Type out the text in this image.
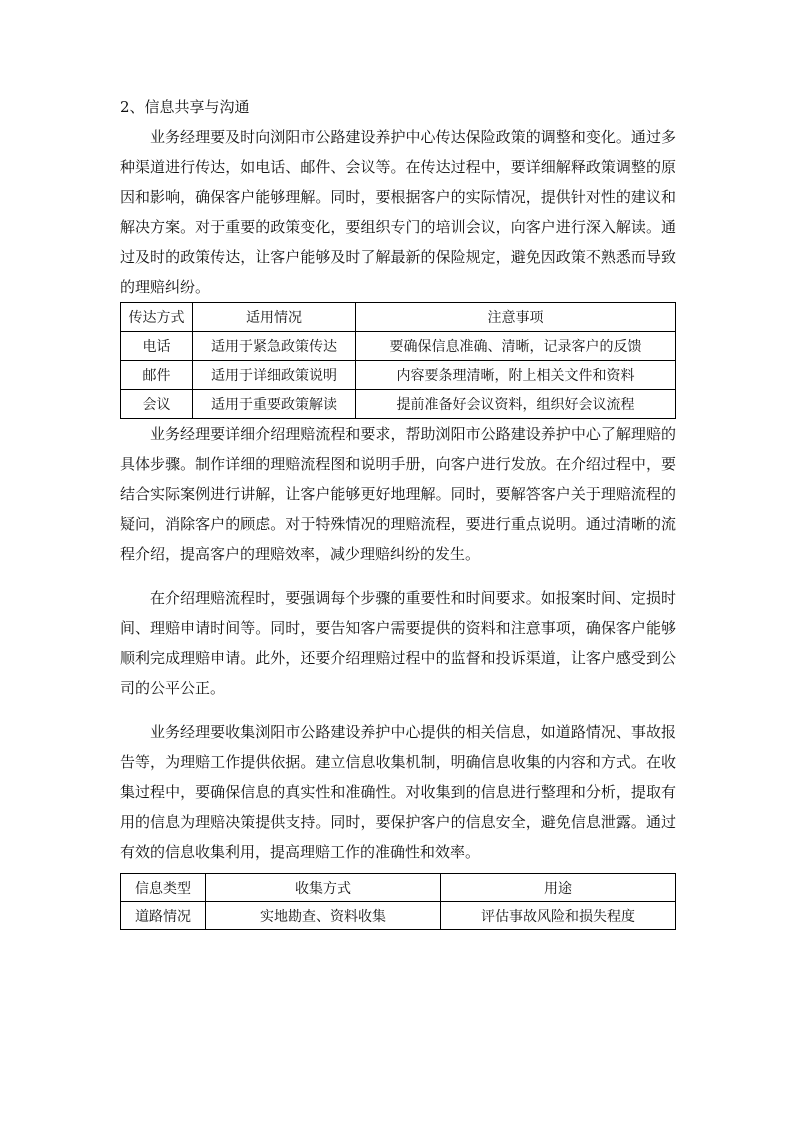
2、信息共享与沟通

业务经理要及时向浏阳市公路建设养护中心传达保险政策的调整和变化。通过多种渠道进行传达，如电话、邮件、会议等。在传达过程中，要详细解释政策调整的原因和影响，确保客户能够理解。同时，要根据客户的实际情况，提供针对性的建议和解决方案。对于重要的政策变化，要组织专门的培训会议，向客户进行深入解读。通过及时的政策传达，让客户能够及时了解最新的保险规定，避免因政策不熟悉而导致的理赔纠纷。

传达方式	适用情况	注意事项
电话	适用于紧急政策传达	要确保信息准确、清晰，记录客户的反馈
邮件	适用于详细政策说明	内容要条理清晰，附上相关文件和资料
会议	适用于重要政策解读	提前准备好会议资料，组织好会议流程

业务经理要详细介绍理赔流程和要求，帮助浏阳市公路建设养护中心了解理赔的具体步骤。制作详细的理赔流程图和说明手册，向客户进行发放。在介绍过程中，要结合实际案例进行讲解，让客户能够更好地理解。同时，要解答客户关于理赔流程的疑问，消除客户的顾虑。对于特殊情况的理赔流程，要进行重点说明。通过清晰的流程介绍，提高客户的理赔效率，减少理赔纠纷的发生。

在介绍理赔流程时，要强调每个步骤的重要性和时间要求。如报案时间、定损时间、理赔申请时间等。同时，要告知客户需要提供的资料和注意事项，确保客户能够顺利完成理赔申请。此外，还要介绍理赔过程中的监督和投诉渠道，让客户感受到公司的公平公正。

业务经理要收集浏阳市公路建设养护中心提供的相关信息，如道路情况、事故报告等，为理赔工作提供依据。建立信息收集机制，明确信息收集的内容和方式。在收集过程中，要确保信息的真实性和准确性。对收集到的信息进行整理和分析，提取有用的信息为理赔决策提供支持。同时，要保护客户的信息安全，避免信息泄露。通过有效的信息收集利用，提高理赔工作的准确性和效率。

信息类型	收集方式	用途
道路情况	实地勘查、资料收集	评估事故风险和损失程度
